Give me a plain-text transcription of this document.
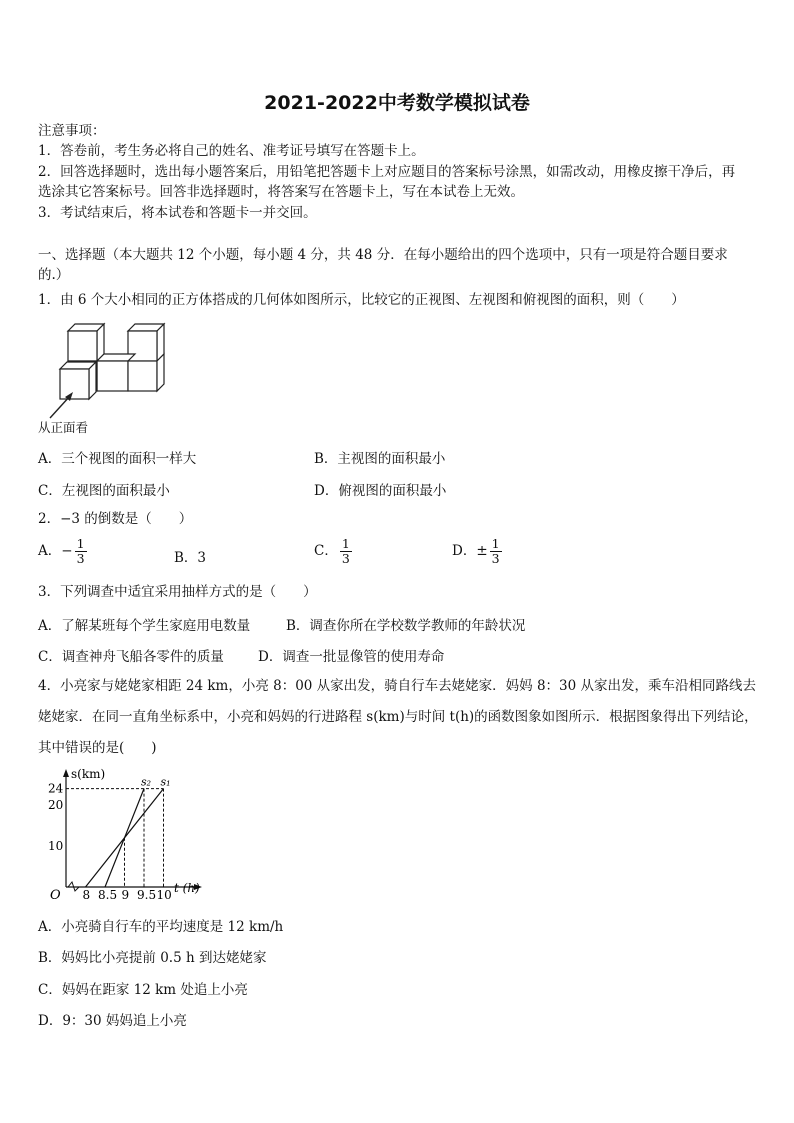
2021-2022中考数学模拟试卷
注意事项：
1．答卷前，考生务必将自己的姓名、准考证号填写在答题卡上。
2．回答选择题时，选出每小题答案后，用铅笔把答题卡上对应题目的答案标号涂黑，如需改动，用橡皮擦干净后，再
选涂其它答案标号。回答非选择题时，将答案写在答题卡上，写在本试卷上无效。
3．考试结束后，将本试卷和答题卡一并交回。
一、选择题（本大题共 12 个小题，每小题 4 分，共 48 分．在每小题给出的四个选项中，只有一项是符合题目要求
的.）
1．由 6 个大小相同的正方体搭成的几何体如图所示，比较它的正视图、左视图和俯视图的面积，则（　　）
从正面看
A．三个视图的面积一样大	B．主视图的面积最小
C．左视图的面积最小	D．俯视图的面积最小
2．−3 的倒数是（　　）
A．− $\frac{1}{3}$	B．3	C． $\frac{1}{3}$	D．± $\frac{1}{3}$
3．下列调查中适宜采用抽样方式的是（　　）
A．了解某班每个学生家庭用电数量	B．调查你所在学校数学教师的年龄状况
C．调查神舟飞船各零件的质量	D．调查一批显像管的使用寿命
4．小亮家与姥姥家相距 24 km，小亮 8：00 从家出发，骑自行车去姥姥家．妈妈 8：30 从家出发，乘车沿相同路线去
姥姥家．在同一直角坐标系中，小亮和妈妈的行进路程 s(km)与时间 t(h)的函数图象如图所示．根据图象得出下列结论，
其中错误的是(　　)
O
s(km)
t (h)
10
20
24
8 8.5 9 9.5 10
s₁
s₂
A．小亮骑自行车的平均速度是 12 km/h
B．妈妈比小亮提前 0.5 h 到达姥姥家
C．妈妈在距家 12 km 处追上小亮
D．9：30 妈妈追上小亮
